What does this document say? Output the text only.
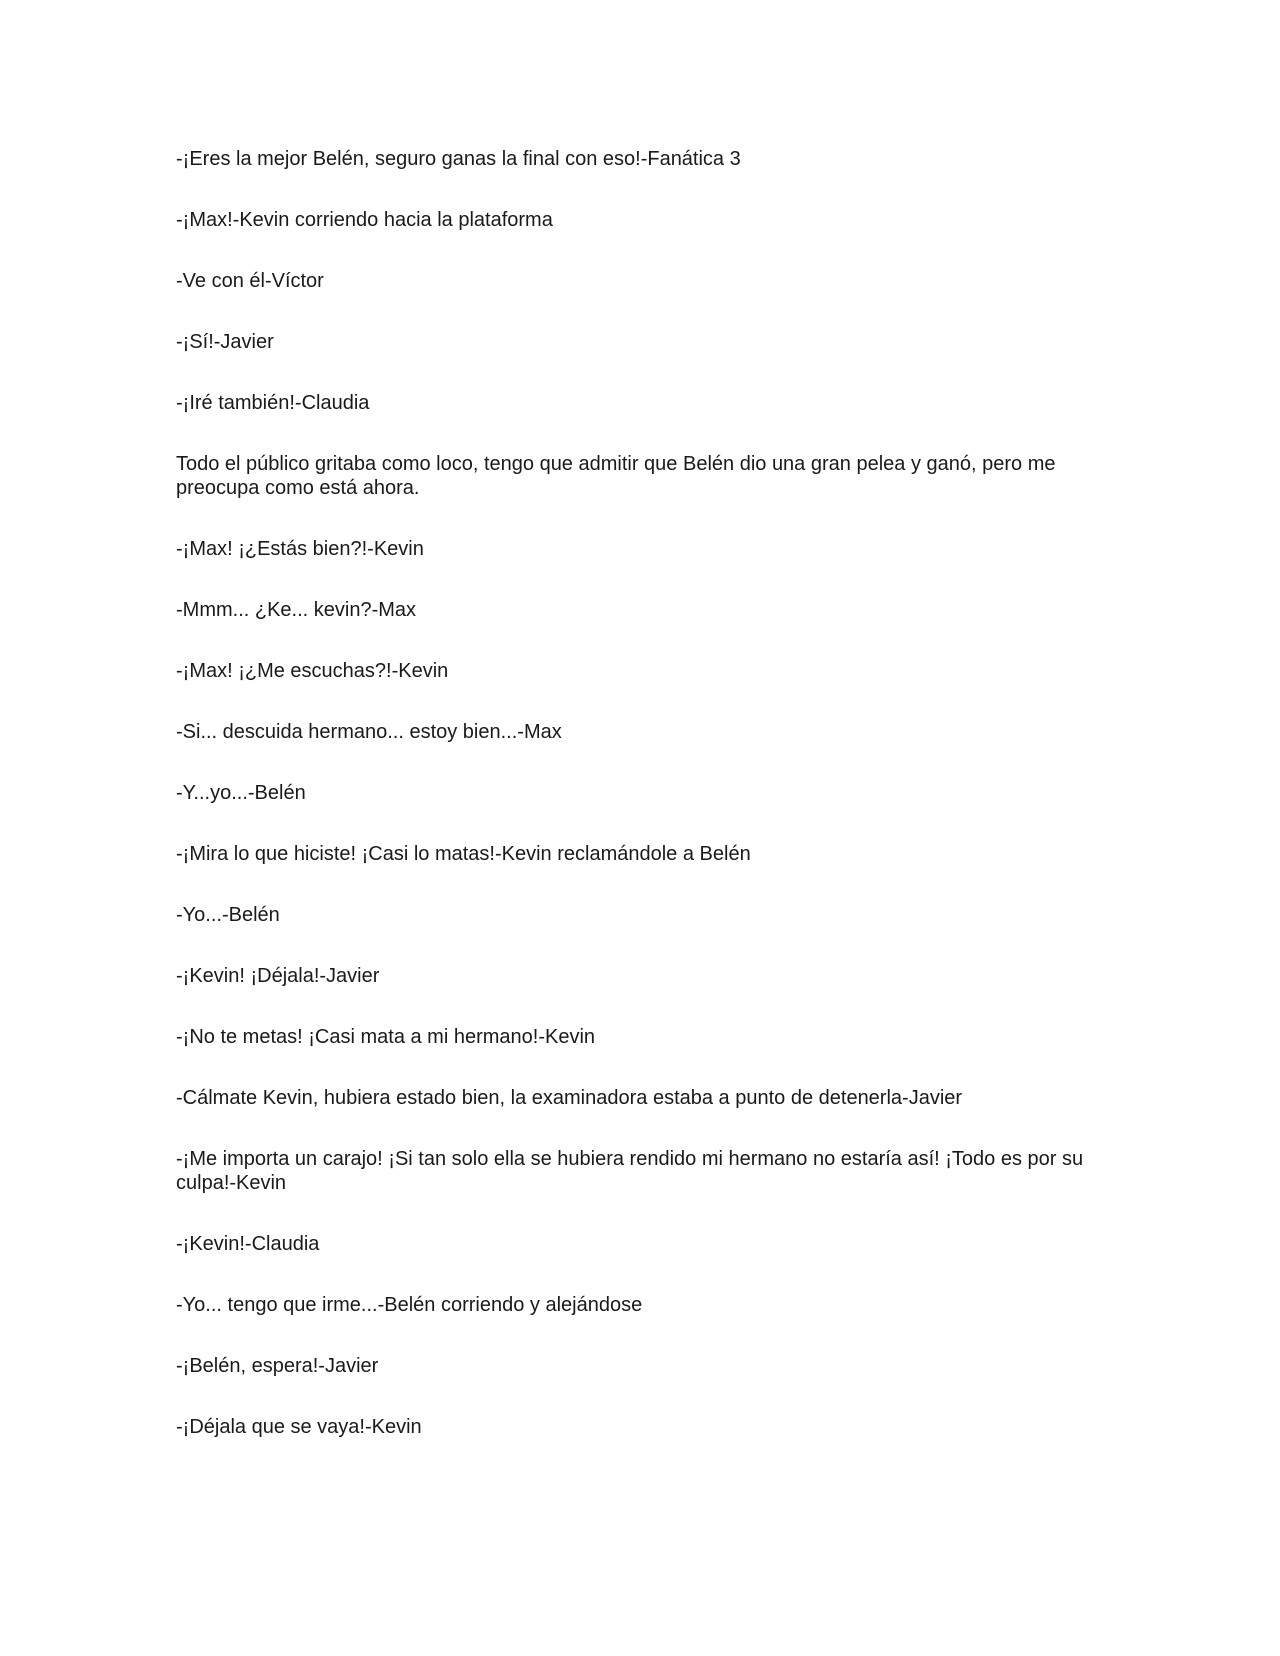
-¡Eres la mejor Belén, seguro ganas la final con eso!-Fanática 3

-¡Max!-Kevin corriendo hacia la plataforma

-Ve con él-Víctor

-¡Sí!-Javier

-¡Iré también!-Claudia

Todo el público gritaba como loco, tengo que admitir que Belén dio una gran pelea y ganó, pero me preocupa como está ahora.

-¡Max! ¡¿Estás bien?!-Kevin

-Mmm... ¿Ke... kevin?-Max

-¡Max! ¡¿Me escuchas?!-Kevin

-Si... descuida hermano... estoy bien...-Max

-Y...yo...-Belén

-¡Mira lo que hiciste! ¡Casi lo matas!-Kevin reclamándole a Belén

-Yo...-Belén

-¡Kevin! ¡Déjala!-Javier

-¡No te metas! ¡Casi mata a mi hermano!-Kevin

-Cálmate Kevin, hubiera estado bien, la examinadora estaba a punto de detenerla-Javier

-¡Me importa un carajo! ¡Si tan solo ella se hubiera rendido mi hermano no estaría así! ¡Todo es por su culpa!-Kevin

-¡Kevin!-Claudia

-Yo... tengo que irme...-Belén corriendo y alejándose

-¡Belén, espera!-Javier

-¡Déjala que se vaya!-Kevin
